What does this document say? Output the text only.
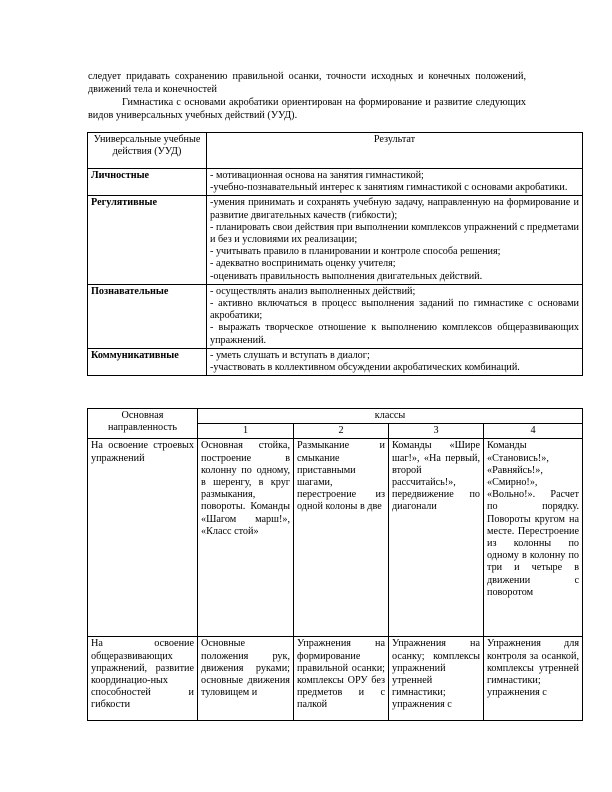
следует придавать сохранению правильной осанки, точности исходных и конечных положений, движений тела и конечностей

Гимнастика с основами акробатики ориентирован на формирование и развитие следующих видов универсальных учебных действий (УУД).

Универсальные учебные действия (УУД)	Результат
Личностные	- мотивационная основа на занятия гимнастикой;
-учебно-познавательный интерес к занятиям гимнастикой с основами акробатики.

Регулятивные	-умения принимать и сохранять учебную задачу, направленную на формирование и развитие двигательных качеств (гибкости);
- планировать свои действия при выполнении комплексов упражнений с предметами и без и условиями их реализации;
- учитывать правило в планировании и контроле способа решения;
- адекватно воспринимать оценку учителя;
-оценивать правильность выполнения двигательных действий.

Познавательные	- осуществлять анализ выполненных действий;
- активно включаться в процесс выполнения заданий по гимнастике с основами акробатики;
- выражать творческое отношение к выполнению комплексов общеразвивающих упражнений.

Коммуникативные	- уметь слушать и вступать в диалог;
-участвовать в коллективном обсуждении акробатических комбинаций.
Основная направленность	классы			
	1	2	3	4
На освоение строевых упражнений	Основная стойка, построение в колонну по одному, в шеренгу, в круг размыкания, повороты. Команды «Шагом марш!», «Класс стой»	Размыкание и смыкание приставными шагами, перестроение из одной колоны в две	Команды «Шире шаг!», «На первый, второй рассчитайсь!», передвижение по диагонали	Команды «Становись!», «Равняйсь!», «Смирно!», «Вольно!». Расчет по порядку. Повороты кругом на месте. Перестроение из колонны по одному в колонну по три и четыре в движении с поворотом
На освоение общеразвивающих упражнений, развитие координацио-ных способностей и гибкости	Основные положения рук, движения руками; основные движения туловищем и	Упражнения на формирование правильной осанки; комплексы ОРУ без предметов и с палкой	Упражнения на осанку; комплексы упражнений утренней гимнастики; упражнения с	Упражнения для контроля за осанкой, комплексы утренней гимнастики; упражнения с
